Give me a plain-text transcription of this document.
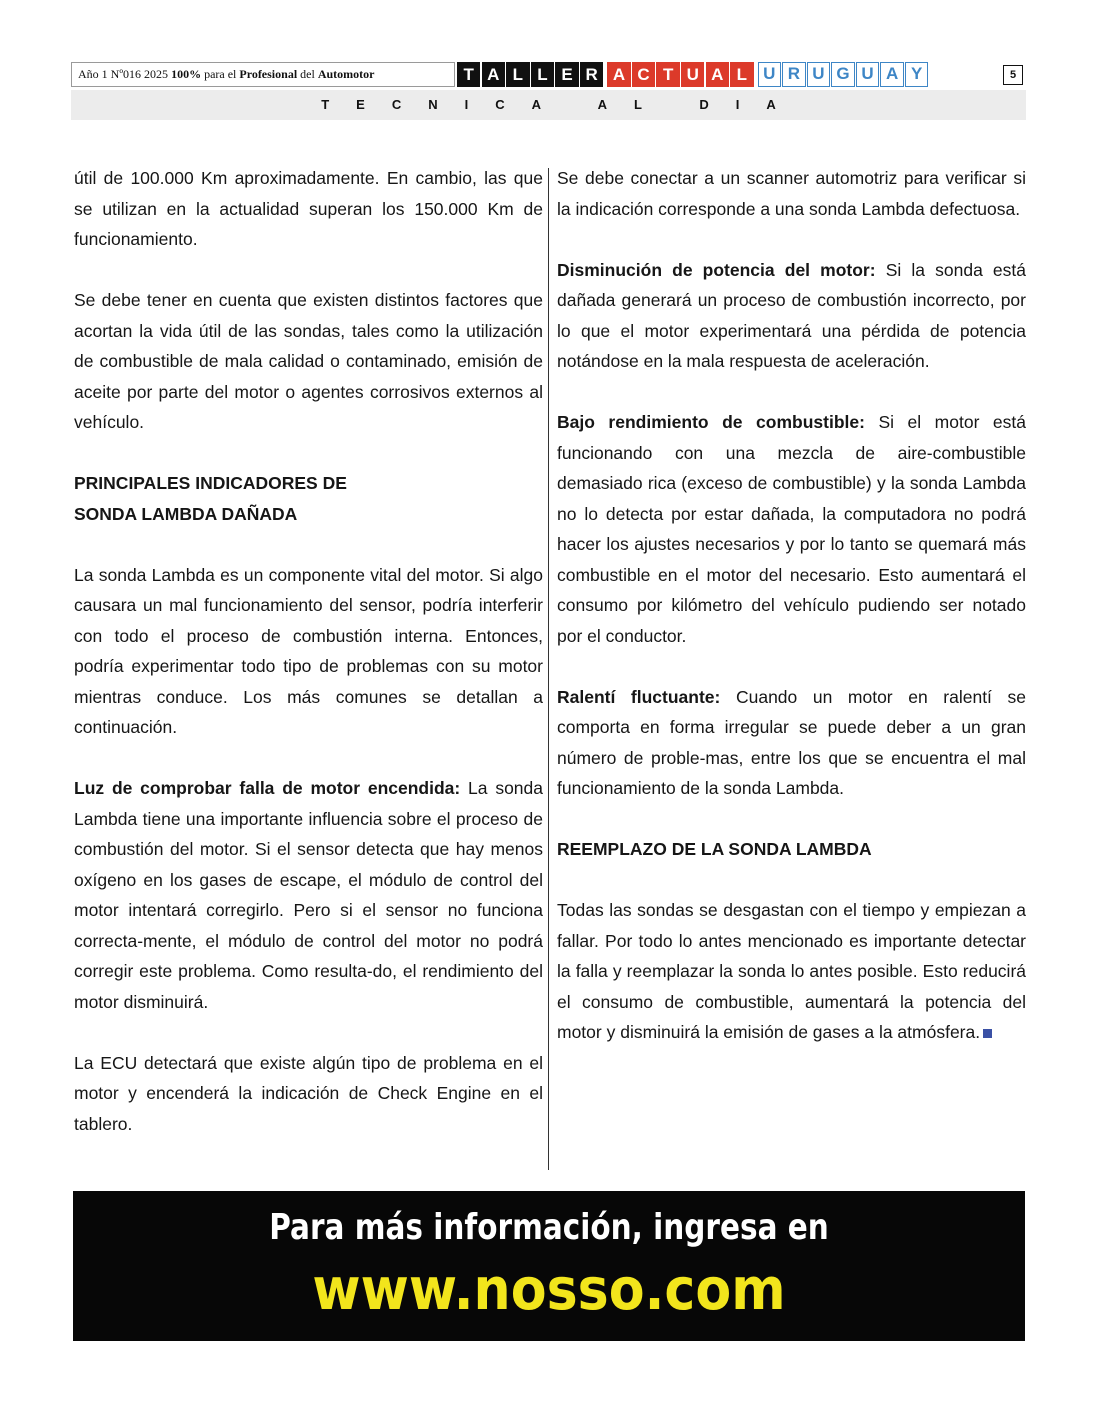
Año 1 Nº016 2025 100% para el Profesional del Automotor	T A L L E R A C T U A L U R U G U A Y	5
TECNICA AL DIA

útil de 100.000 Km aproximadamente. En cambio, las que se utilizan en la actualidad superan los 150.000 Km de funcionamiento.

Se debe tener en cuenta que existen distintos factores que acortan la vida útil de las sondas, tales como la utilización de combustible de mala calidad o contaminado, emisión de aceite por parte del motor o agentes corrosivos externos al vehículo.

PRINCIPALES INDICADORES DE
SONDA LAMBDA DAÑADA

La sonda Lambda es un componente vital del motor. Si algo causara un mal funcionamiento del sensor, podría interferir con todo el proceso de combustión interna. Entonces, podría experimentar todo tipo de problemas con su motor mientras conduce. Los más comunes se detallan a continuación.

Luz de comprobar falla de motor encendida: La sonda Lambda tiene una importante influencia sobre el proceso de combustión del motor. Si el sensor detecta que hay menos oxígeno en los gases de escape, el módulo de control del motor intentará corregirlo. Pero si el sensor no funciona correcta-mente, el módulo de control del motor no podrá corregir este problema. Como resulta-do, el rendimiento del motor disminuirá.

La ECU detectará que existe algún tipo de problema en el motor y encenderá la indicación de Check Engine en el tablero.

Se debe conectar a un scanner automotriz para verificar si la indicación corresponde a una sonda Lambda defectuosa.

Disminución de potencia del motor: Si la sonda está dañada generará un proceso de combustión incorrecto, por lo que el motor experimentará una pérdida de potencia notándose en la mala respuesta de aceleración.

Bajo rendimiento de combustible: Si el motor está funcionando con una mezcla de aire-combustible demasiado rica (exceso de combustible) y la sonda Lambda no lo detecta por estar dañada, la computadora no podrá hacer los ajustes necesarios y por lo tanto se quemará más combustible en el motor del necesario. Esto aumentará el consumo por kilómetro del vehículo pudiendo ser notado por el conductor.

Ralentí fluctuante: Cuando un motor en ralentí se comporta en forma irregular se puede deber a un gran número de proble-mas, entre los que se encuentra el mal funcionamiento de la sonda Lambda.

REEMPLAZO DE LA SONDA LAMBDA

Todas las sondas se desgastan con el tiempo y empiezan a fallar. Por todo lo antes mencionado es importante detectar la falla y reemplazar la sonda lo antes posible. Esto reducirá el consumo de combustible, aumentará la potencia del motor y disminuirá la emisión de gases a la atmósfera.

Para más información, ingresa en
www.nosso.com
